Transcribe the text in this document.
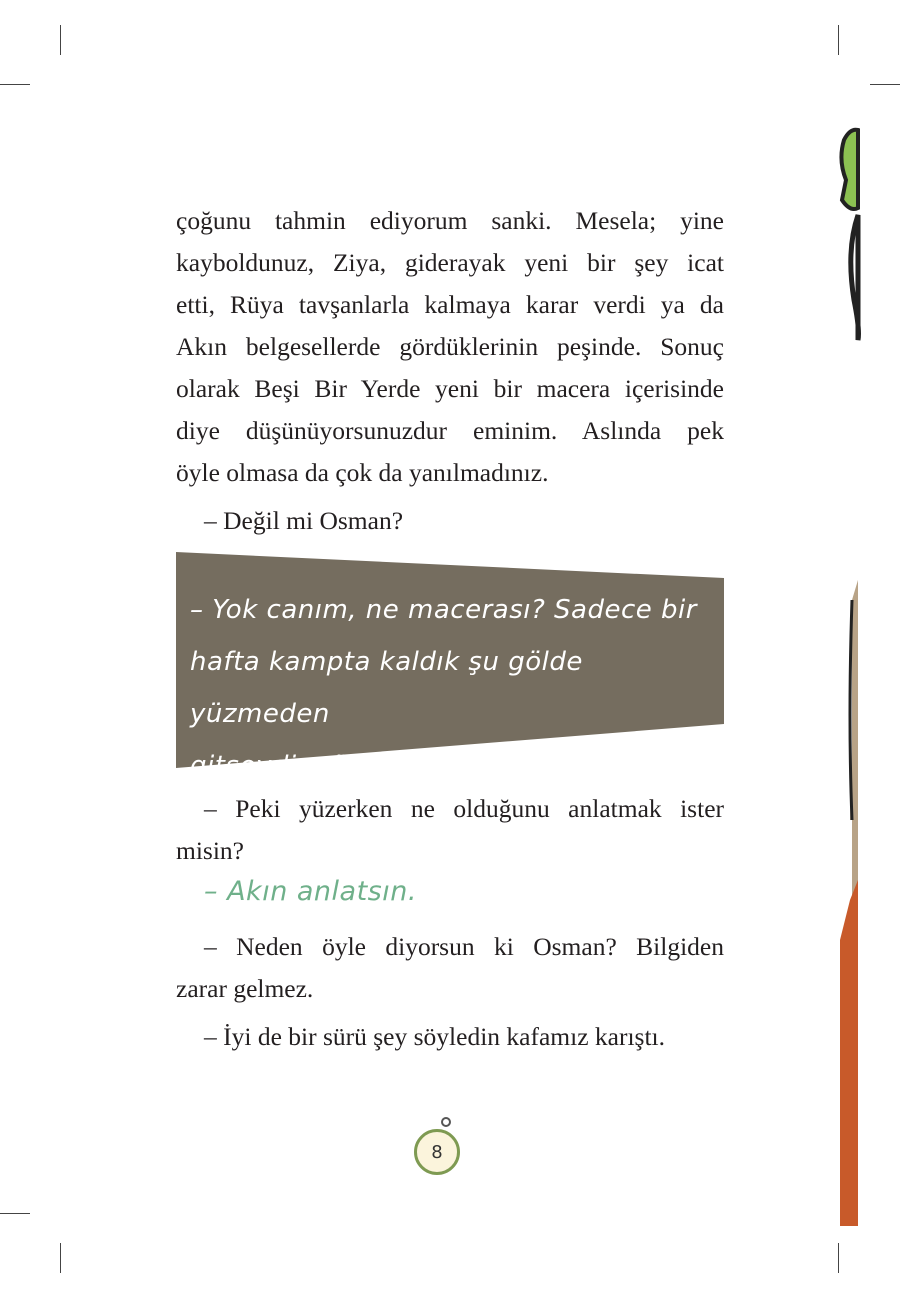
çoğunu tahmin ediyorum sanki. Mesela; yine
kayboldunuz, Ziya, giderayak yeni bir şey icat
etti, Rüya tavşanlarla kalmaya karar verdi ya da
Akın belgesellerde gördüklerinin peşinde. Sonuç
olarak Beşi Bir Yerde yeni bir macera içerisinde
diye düşünüyorsunuzdur eminim. Aslında pek
öyle olmasa da çok da yanılmadınız.
– Değil mi Osman?
– Yok canım, ne macerası? Sadece bir
hafta kampta kaldık şu gölde yüzmeden
gitseydim üzülürdüm.
– Peki yüzerken ne olduğunu anlatmak ister
misin?
– Akın anlatsın.
– Neden öyle diyorsun ki Osman? Bilgiden
zarar gelmez.
– İyi de bir sürü şey söyledin kafamız karıştı.
8
